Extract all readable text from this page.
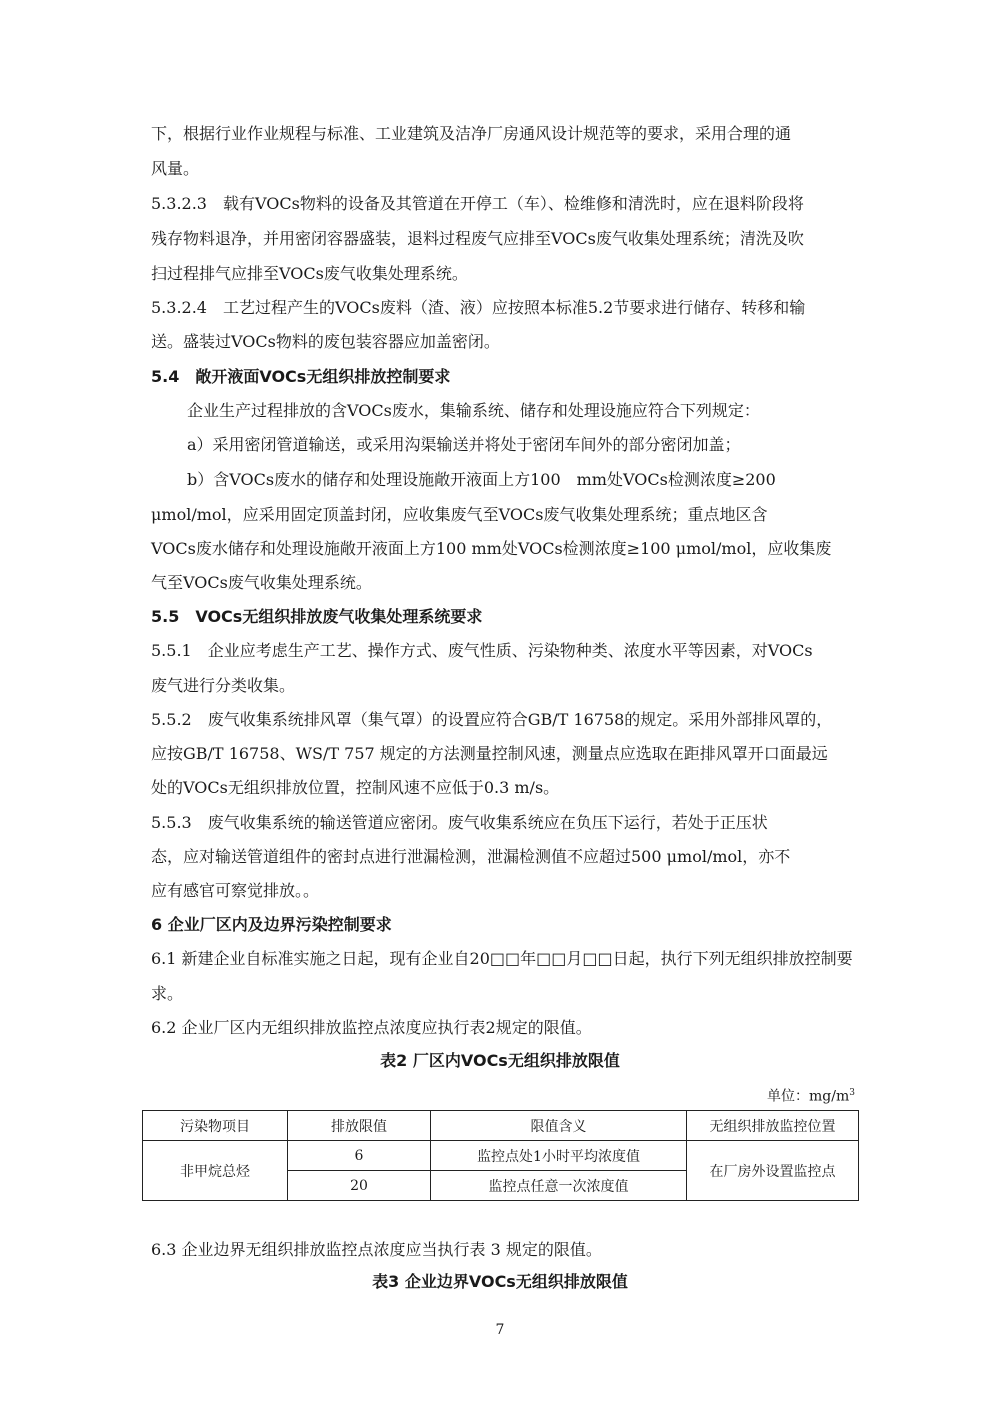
下，根据行业作业规程与标准、工业建筑及洁净厂房通风设计规范等的要求，采用合理的通
风量。
5.3.2.3　载有VOCs物料的设备及其管道在开停工（车）、检维修和清洗时，应在退料阶段将
残存物料退净，并用密闭容器盛装，退料过程废气应排至VOCs废气收集处理系统；清洗及吹
扫过程排气应排至VOCs废气收集处理系统。
5.3.2.4　工艺过程产生的VOCs废料（渣、液）应按照本标准5.2节要求进行储存、转移和输
送。盛装过VOCs物料的废包装容器应加盖密闭。
5.4　敞开液面VOCs无组织排放控制要求
企业生产过程排放的含VOCs废水，集输系统、储存和处理设施应符合下列规定：
a）采用密闭管道输送，或采用沟渠输送并将处于密闭车间外的部分密闭加盖；
b）含VOCs废水的储存和处理设施敞开液面上方100　mm处VOCs检测浓度≥200
μmol/mol，应采用固定顶盖封闭，应收集废气至VOCs废气收集处理系统；重点地区含
VOCs废水储存和处理设施敞开液面上方100 mm处VOCs检测浓度≥100 μmol/mol，应收集废
气至VOCs废气收集处理系统。
5.5　VOCs无组织排放废气收集处理系统要求
5.5.1　企业应考虑生产工艺、操作方式、废气性质、污染物种类、浓度水平等因素，对VOCs
废气进行分类收集。
5.5.2　废气收集系统排风罩（集气罩）的设置应符合GB/T 16758的规定。采用外部排风罩的，
应按GB/T 16758、WS/T 757 规定的方法测量控制风速，测量点应选取在距排风罩开口面最远
处的VOCs无组织排放位置，控制风速不应低于0.3 m/s。
5.5.3　废气收集系统的输送管道应密闭。废气收集系统应在负压下运行，若处于正压状
态，应对输送管道组件的密封点进行泄漏检测，泄漏检测值不应超过500 μmol/mol，亦不
应有感官可察觉排放。。
6 企业厂区内及边界污染控制要求
6.1 新建企业自标准实施之日起，现有企业自20□□年□□月□□日起，执行下列无组织排放控制要
求。
6.2 企业厂区内无组织排放监控点浓度应执行表2规定的限值。
表2 厂区内VOCs无组织排放限值
单位：$mg/m^3$
污染物项目	排放限值	限值含义	无组织排放监控位置
非甲烷总烃	6	监控点处1小时平均浓度值	在厂房外设置监控点
	20	监控点任意一次浓度值	
6.3 企业边界无组织排放监控点浓度应当执行表 3 规定的限值。
表3 企业边界VOCs无组织排放限值
7
